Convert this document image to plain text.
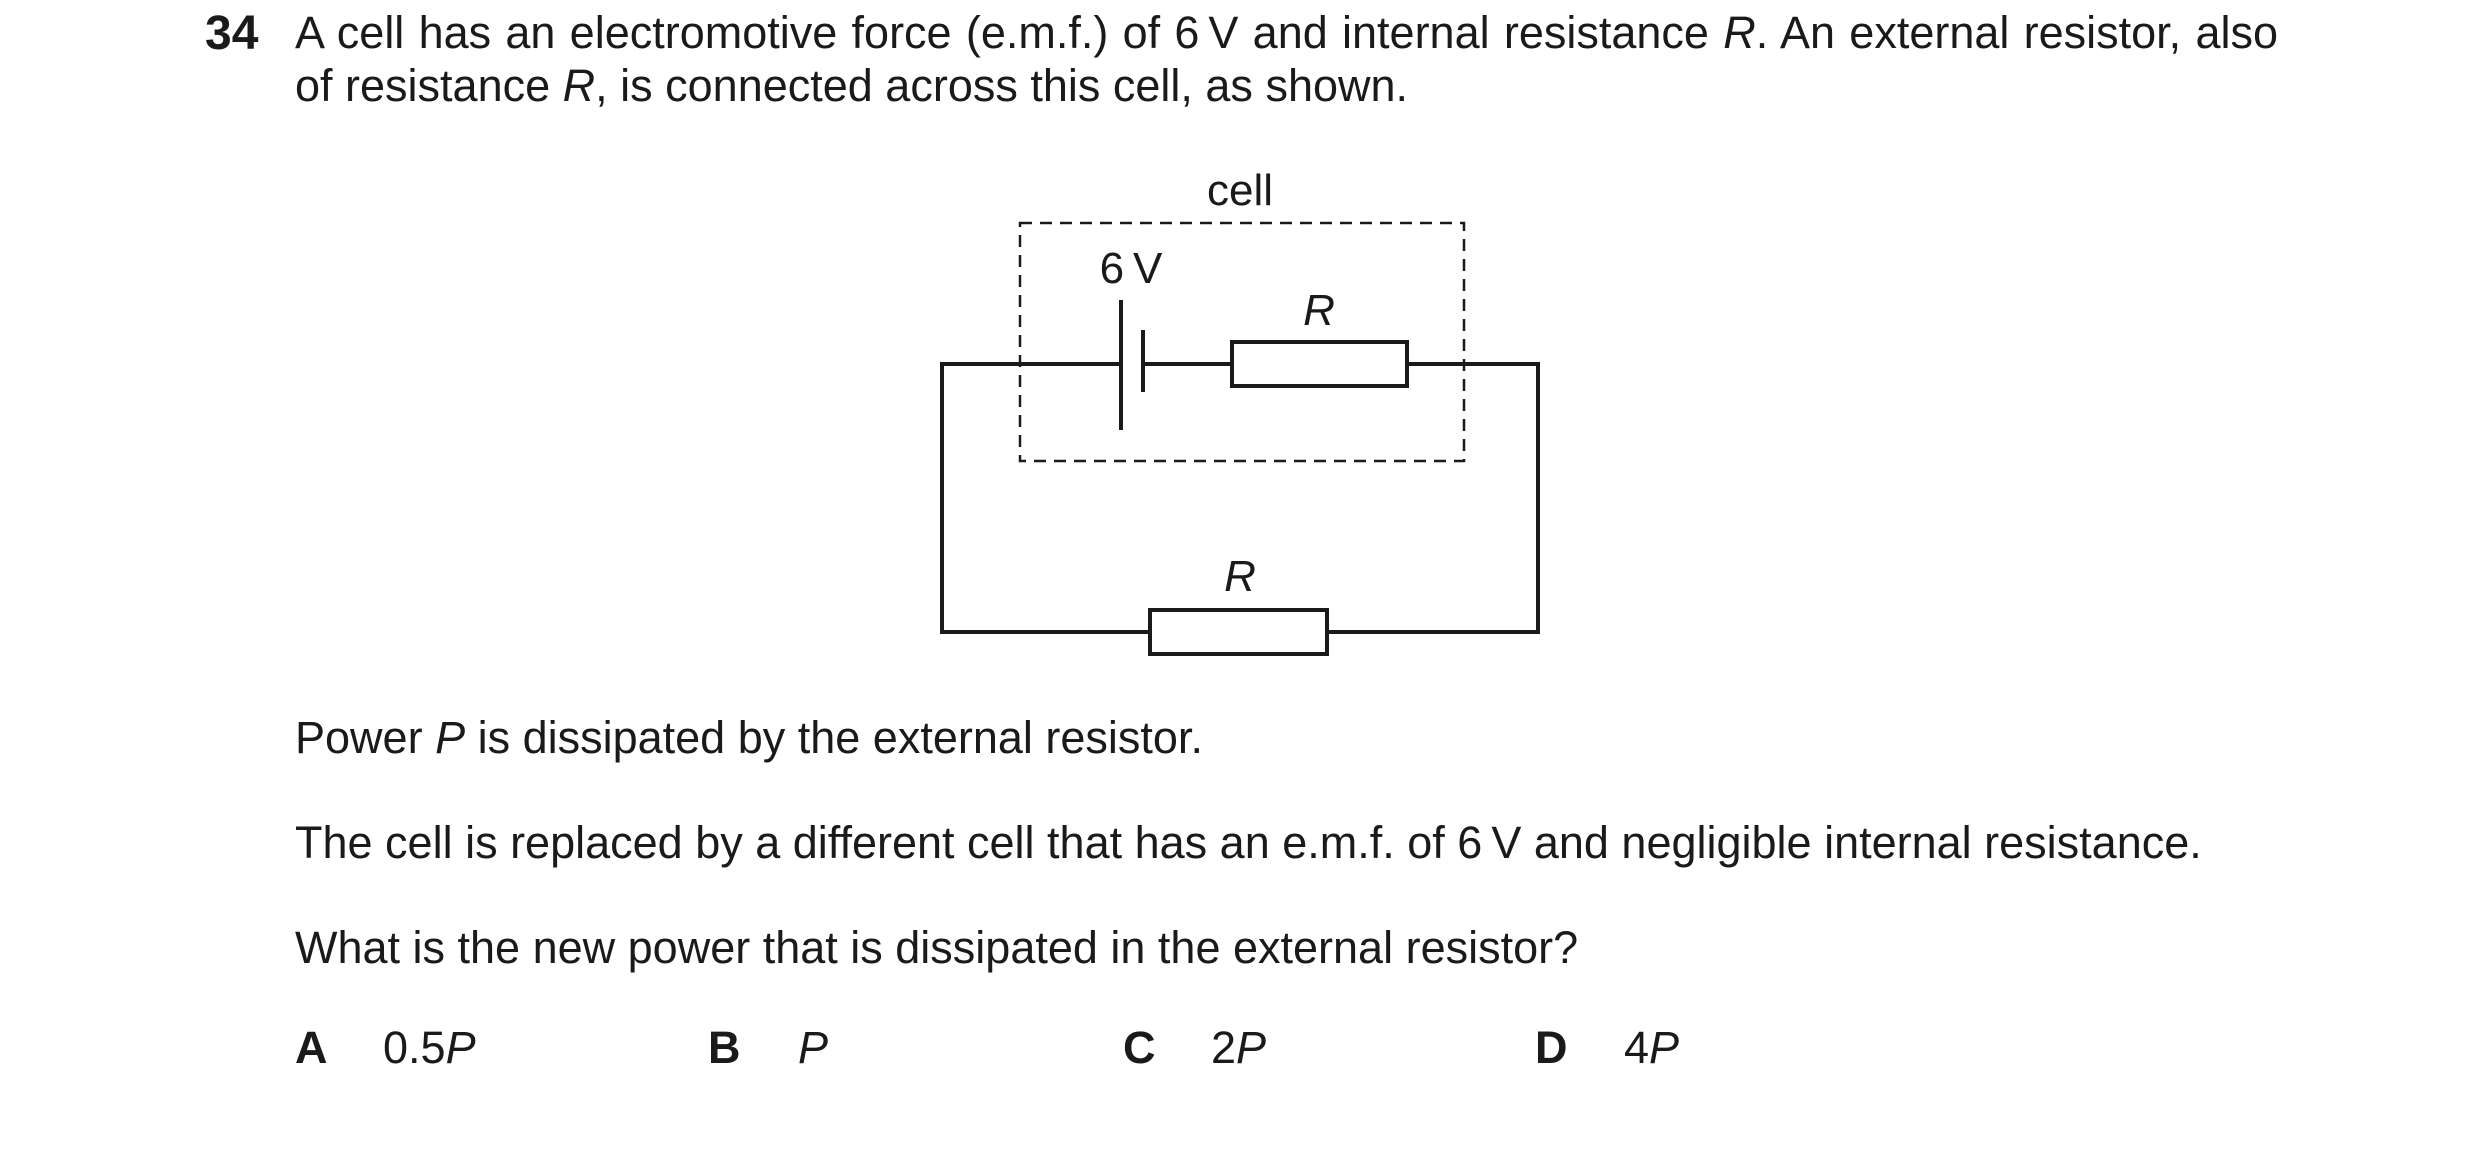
34 A cell has an electromotive force (e.m.f.) of 6 V and internal resistance R. An external resistor, also of resistance R, is connected across this cell, as shown.
cell
6 V
R
R
Power P is dissipated by the external resistor.
The cell is replaced by a different cell that has an e.m.f. of 6 V and negligible internal resistance.
What is the new power that is dissipated in the external resistor?
A 0.5P	B P	C 2P	D 4P
